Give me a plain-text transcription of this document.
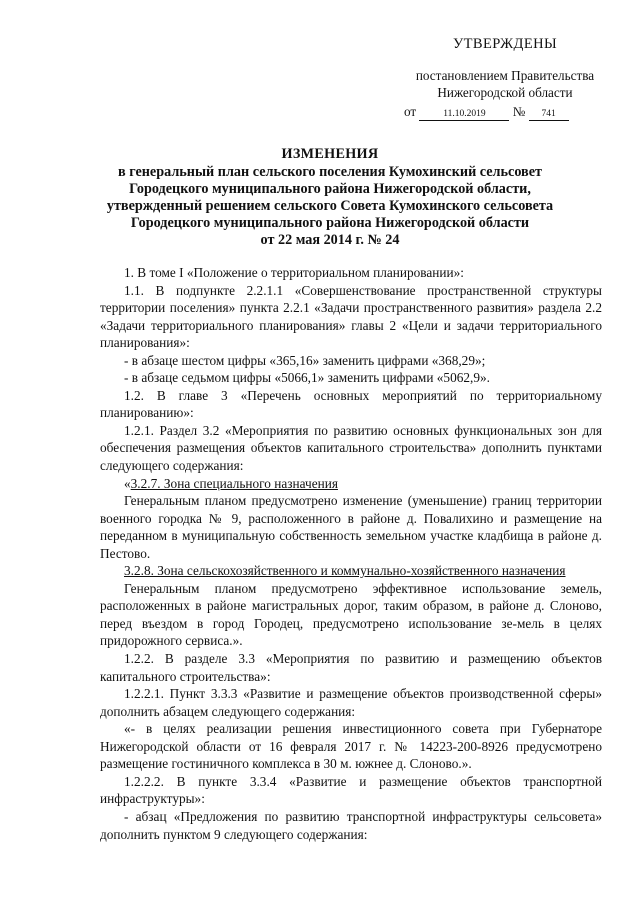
УТВЕРЖДЕНЫ
постановлением Правительства
Нижегородской области
от	11.10.2019 № 741
ИЗМЕНЕНИЯ
в генеральный план сельского поселения Кумохинский сельсовет
Городецкого муниципального района Нижегородской области,
утвержденный решением сельского Совета Кумохинского сельсовета
Городецкого муниципального района Нижегородской области
от 22 мая 2014 г. № 24

1. В томе I «Положение о территориальном планировании»:

1.1. В подпункте 2.2.1.1 «Совершенствование пространственной структуры территории поселения» пункта 2.2.1 «Задачи пространственного развития» раздела 2.2 «Задачи территориального планирования» главы 2 «Цели и задачи территориального планирования»:

- в абзаце шестом цифры «365,16» заменить цифрами «368,29»;

- в абзаце седьмом цифры «5066,1» заменить цифрами «5062,9».

1.2. В главе 3 «Перечень основных мероприятий по территориальному планированию»:

1.2.1. Раздел 3.2 «Мероприятия по развитию основных функциональных зон для обеспечения размещения объектов капитального строительства» дополнить пунктами следующего содержания:

«3.2.7. Зона специального назначения

Генеральным планом предусмотрено изменение (уменьшение) границ территории военного городка № 9, расположенного в районе д. Повалихино и размещение на переданном в муниципальную собственность земельном участке кладбища в районе д. Пестово.

3.2.8. Зона сельскохозяйственного и коммунально-хозяйственного назначения

Генеральным планом предусмотрено эффективное использование земель, расположенных в районе магистральных дорог, таким образом, в районе д. Слоново, перед въездом в город Городец, предусмотрено использование зе-мель в целях придорожного сервиса.».

1.2.2. В разделе 3.3 «Мероприятия по развитию и размещению объектов капитального строительства»:

1.2.2.1. Пункт 3.3.3 «Развитие и размещение объектов производственной сферы» дополнить абзацем следующего содержания:

«- в целях реализации решения инвестиционного совета при Губернаторе Нижегородской области от 16 февраля 2017 г. № 14223-200-8926 предусмотрено размещение гостиничного комплекса в 30 м. южнее д. Слоново.».

1.2.2.2. В пункте 3.3.4 «Развитие и размещение объектов транспортной инфраструктуры»:

- абзац «Предложения по развитию транспортной инфраструктуры сельсовета» дополнить пунктом 9 следующего содержания:
